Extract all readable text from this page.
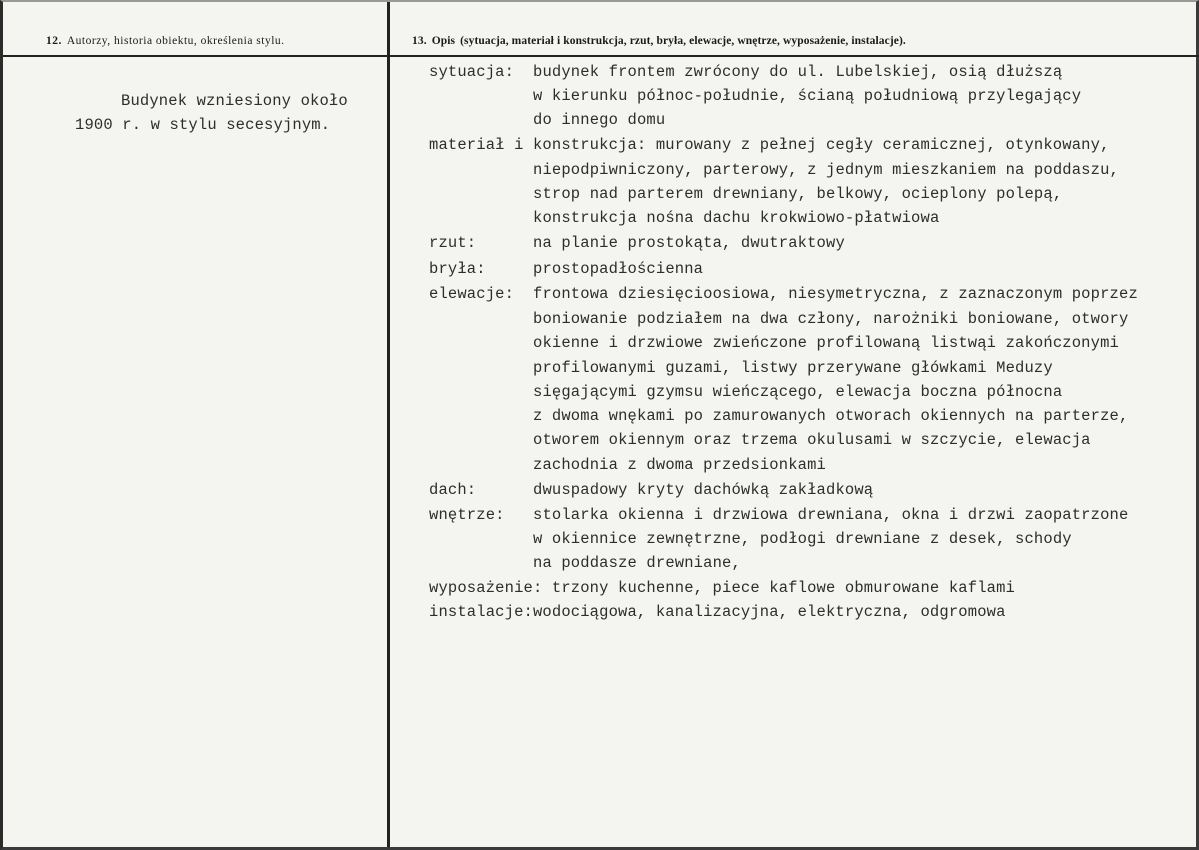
12. Autorzy, historia obiektu, określenia stylu.	13. Opis (sytuacja, materiał i konstrukcja, rzut, bryła, elewacje, wnętrze, wyposażenie, instalacje).
Budynek wzniesiony około
1900 r. w stylu secesyjnym.
sytuacja: budynek frontem zwrócony do ul. Lubelskiej, osią dłuższą
w kierunku północ-południe, ścianą południową przylegający
do innego domu
materiał i konstrukcja: murowany z pełnej cegły ceramicznej, otynkowany,
niepodpiwniczony, parterowy, z jednym mieszkaniem na poddaszu,
strop nad parterem drewniany, belkowy, ocieplony polepą,
konstrukcja nośna dachu krokwiowo-płatwiowa
rzut:	na planie prostokąta, dwutraktowy
bryła:	prostopadłościenna
elewacje: frontowa dziesięcioosiowa, niesymetryczna, z zaznaczonym poprzez
boniowanie podziałem na dwa człony, narożniki boniowane, otwory
okienne i drzwiowe zwieńczone profilowaną listwąi zakończonymi
profilowanymi guzami, listwy przerywane główkami Meduzy
sięgającymi gzymsu wieńczącego, elewacja boczna północna
z dwoma wnękami po zamurowanych otworach okiennych na parterze,
otworem okiennym oraz trzema okulusami w szczycie, elewacja
zachodnia z dwoma przedsionkami
dach:	dwuspadowy kryty dachówką zakładkową
wnętrze: stolarka okienna i drzwiowa drewniana, okna i drzwi zaopatrzone
w okiennice zewnętrzne, podłogi drewniane z desek, schody
na poddasze drewniane,
wyposażenie: trzony kuchenne, piece kaflowe obmurowane kaflami
instalacje:wodociągowa, kanalizacyjna, elektryczna, odgromowa
